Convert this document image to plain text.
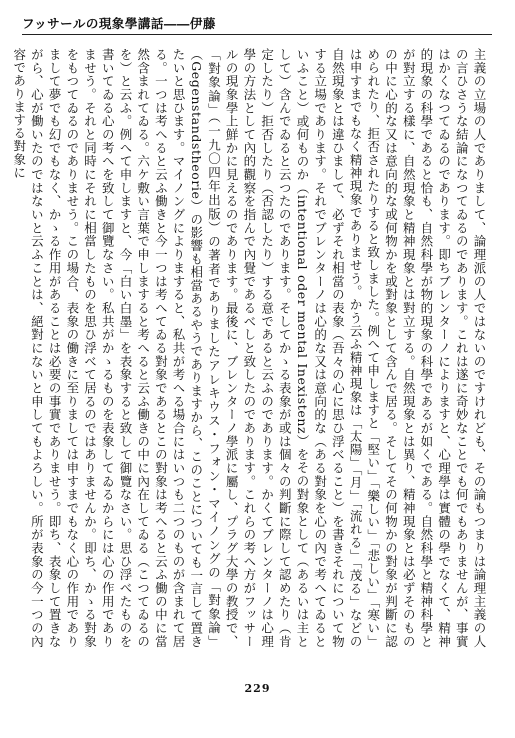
フッサールの現象學講話――伊藤

主義の立場の人でありまして、論理派の人ではないのですけれども、その論もつまりは論理主義の人の言ひさうな結論になつてゐるのであります。これは遂に奇妙なことでも何でもありませんが、事實はかくなつてゐるのであります。即ちブレンターノによりますと、心理學は實體の學でなくて、精神的現象の科學であると恰も、自然科學が物的現象の科學であるが如くである。自然科學と精神科學とが對立する樣に、自然現象と精神現象とは對立する。自然現象とは異り、精神現象とは必ずそのものの中に心的な又は意向的な或何物かを或對象として含んで居る。そしてその何物かの對象が判斷に認められたり、拒否されたりすると致しました。例へて申しますと「堅い」「樂しい」「悲しい」「寒い」は申すまでもなく精神現象でありませう。かう云ふ精神現象は「太陽」「月」「流れる」「茂る」などの自然現象とは違ひまして、必ずそれ相當の表象（吾々の心に思ひ浮べること）を書きそれについて物する立場であります。それでブレンターノは心的な又は意向的な（ある對象を心の內で考へてゐるといふこと）或何ものか（intentional oder mental Inexistenz）をその對象として（あるいは主として）含んでゐると云つたのであります。そしてかゝる表象が或は個々の判斷に際して認めたり（肯定したり）拒否したり（否認したり）する意であると云ふのであります。かくてブレンターノは心理學の方法として內的觀察を指んで內覺であるべしと致したのであります。これらの考へ方がフッサールの現象學上鮮かに見えるのであります。最後に、ブレンターノ學派に屬し、プラグ大學の教授で、「對象論」（一九〇四年出版）の著者でありましたアレキウス・フォン・マイノングの「對象論」（Gegenstandstheorie）の影響も相當あるやうでありますから、このことについても一言して置きたいと思ひます。マイノングによりますると、私共が考へる場合にはいつも二つのものが含まれて居る。一つは考へると云ふ働きと今一つは考へてゐる對象であるとこの對象は考へると云ふ働の中に當然含まれてゐる。六ケ敷い言葉で申しますると考へると云ふ働きの中に內在してゐる（こつてゐるのを）と云ふ。例へて申しますと、今「白い白墨」を表象すると致して御覽なさい。思ひ浮べたものを書いてゐる心の考へを致して御覽なさい。私共がかゝるものを表象してゐるからには心の作用でありませう。それと同時にそれに相當したものを思ひ浮べて居るのではありませんか。即ち、かゝる對象をもつてゐるのでありませう。この場合、表象の働きに至りましては申すまでもなく心の作用でありまして夢でも幻でもなく、かゝる作用があることは必要の事實でありませう。即ち、表象して置きながら、心が働いたのではないと云ふことは、絕對にないと申してもよろしい。所が表象の今一つの內容でありまする對象に

229
